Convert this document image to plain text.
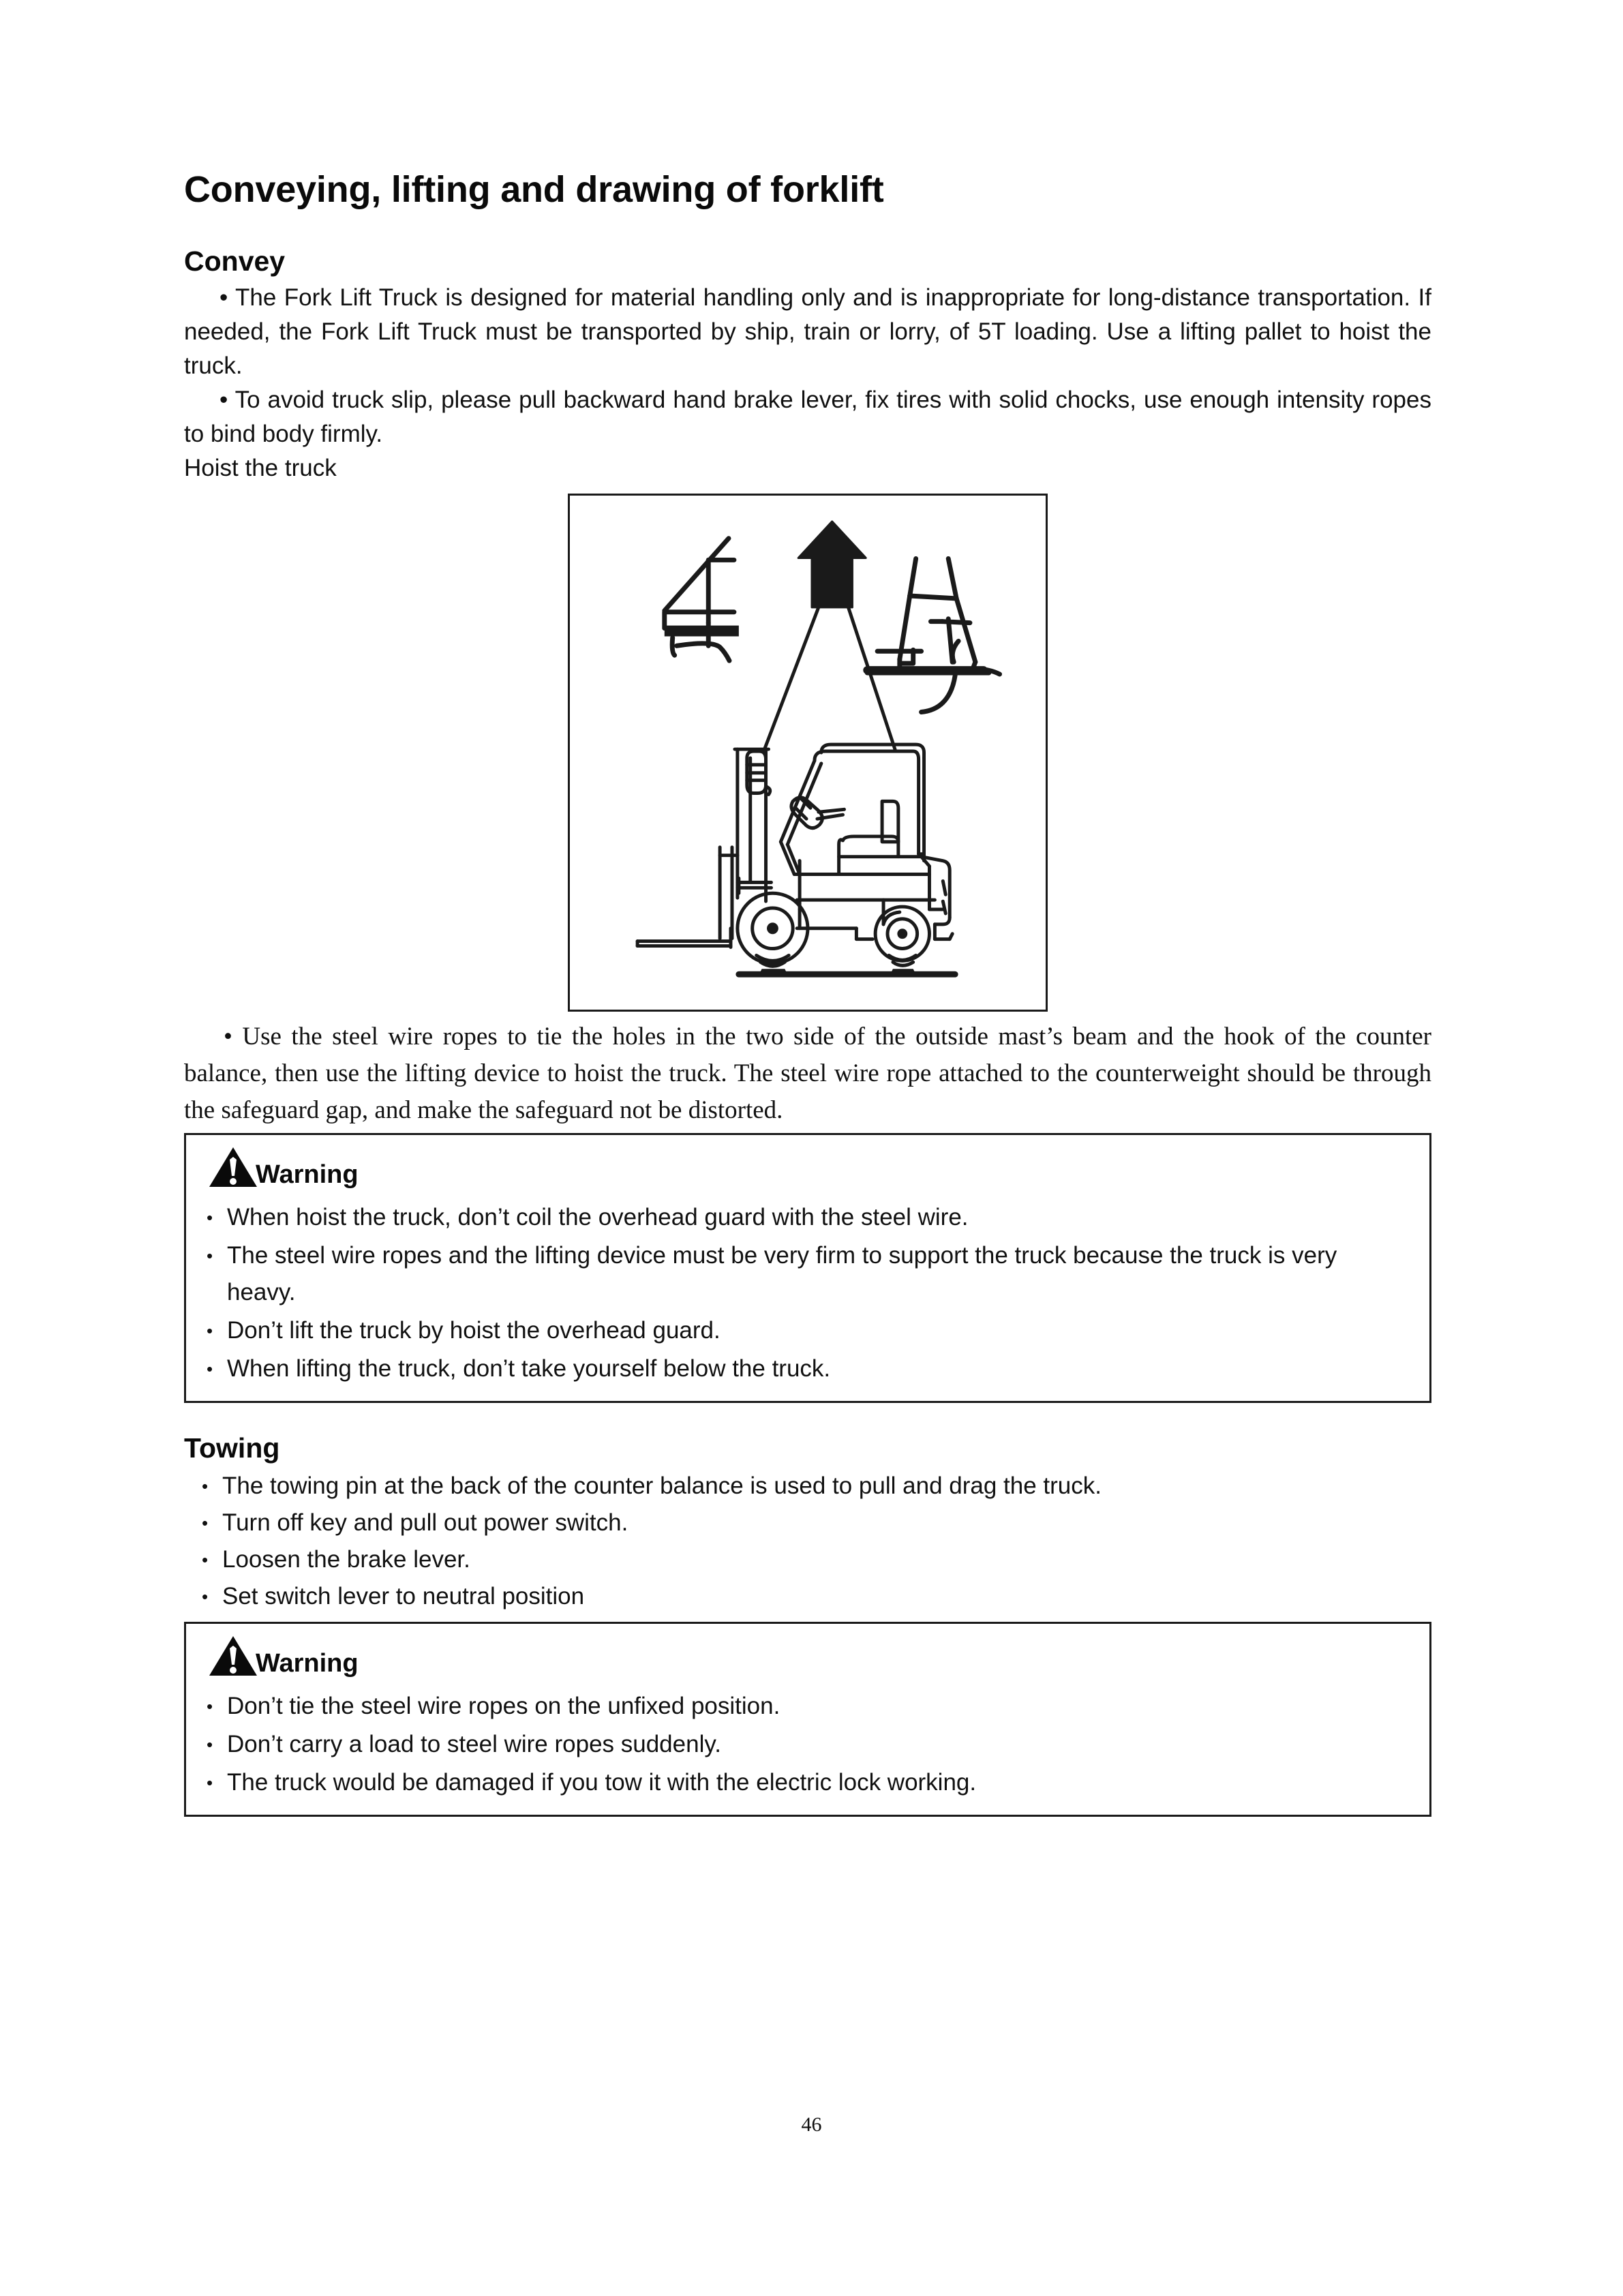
Conveying, lifting and drawing of forklift
Convey

• The Fork Lift Truck is designed for material handling only and is inappropriate for long-distance transportation. If needed, the Fork Lift Truck must be transported by ship, train or lorry, of 5T loading. Use a lifting pallet to hoist the truck.

• To avoid truck slip, please pull backward hand brake lever, fix tires with solid chocks, use enough intensity ropes to bind body firmly.

Hoist the truck

• Use the steel wire ropes to tie the holes in the two side of the outside mast’s beam and the hook of the counter balance, then use the lifting device to hoist the truck. The steel wire rope attached to the counterweight should be through the safeguard gap, and make the safeguard not be distorted.

Warning
• When hoist the truck, don’t coil the overhead guard with the steel wire.
• The steel wire ropes and the lifting device must be very firm to support the truck because the truck is very heavy.
• Don’t lift the truck by hoist the overhead guard.
• When lifting the truck, don’t take yourself below the truck.
Towing
• The towing pin at the back of the counter balance is used to pull and drag the truck.
• Turn off key and pull out power switch.
• Loosen the brake lever.
• Set switch lever to neutral position
Warning
• Don’t tie the steel wire ropes on the unfixed position.
• Don’t carry a load to steel wire ropes suddenly.
• The truck would be damaged if you tow it with the electric lock working.
46
